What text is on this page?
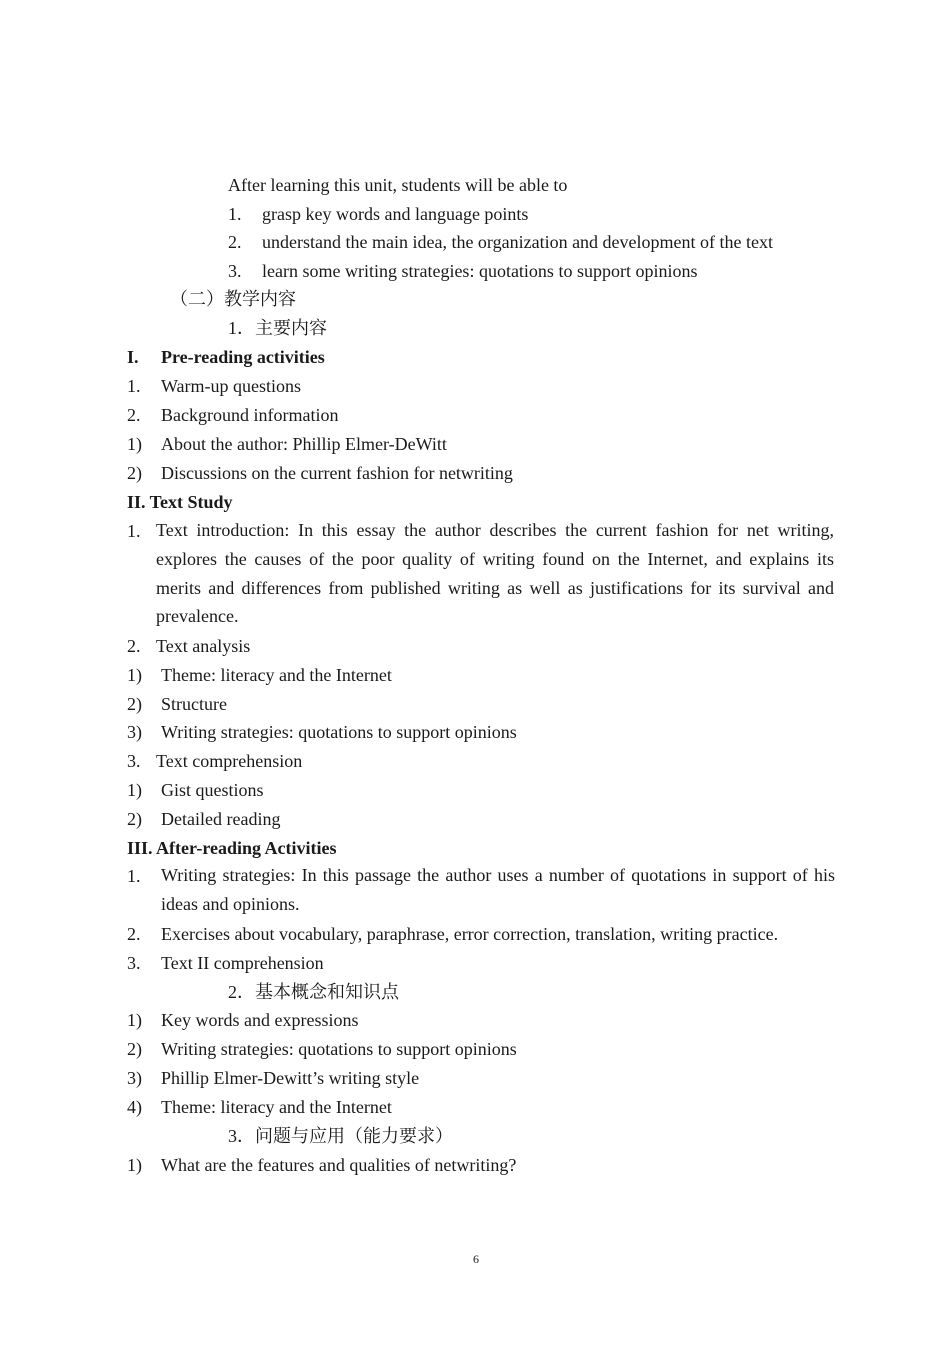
After learning this unit, students will be able to
1. grasp key words and language points
2. understand the main idea, the organization and development of the text
3. learn some writing strategies: quotations to support opinions
（二）教学内容
1．主要内容
I. Pre-reading activities
1. Warm-up questions
2. Background information
1) About the author: Phillip Elmer-DeWitt
2) Discussions on the current fashion for netwriting
II. Text Study
1. Text introduction: In this essay the author describes the current fashion for net writing, explores the causes of the poor quality of writing found on the Internet, and explains its merits and differences from published writing as well as justifications for its survival and prevalence.
2. Text analysis
1) Theme: literacy and the Internet
2) Structure
3) Writing strategies: quotations to support opinions
3. Text comprehension
1) Gist questions
2) Detailed reading
III. After-reading Activities
1. Writing strategies: In this passage the author uses a number of quotations in support of his ideas and opinions.
2. Exercises about vocabulary, paraphrase, error correction, translation, writing practice.
3. Text II comprehension
2．基本概念和知识点
1) Key words and expressions
2) Writing strategies: quotations to support opinions
3) Phillip Elmer-Dewitt’s writing style
4) Theme: literacy and the Internet
3．问题与应用（能力要求）
1) What are the features and qualities of netwriting?
6
